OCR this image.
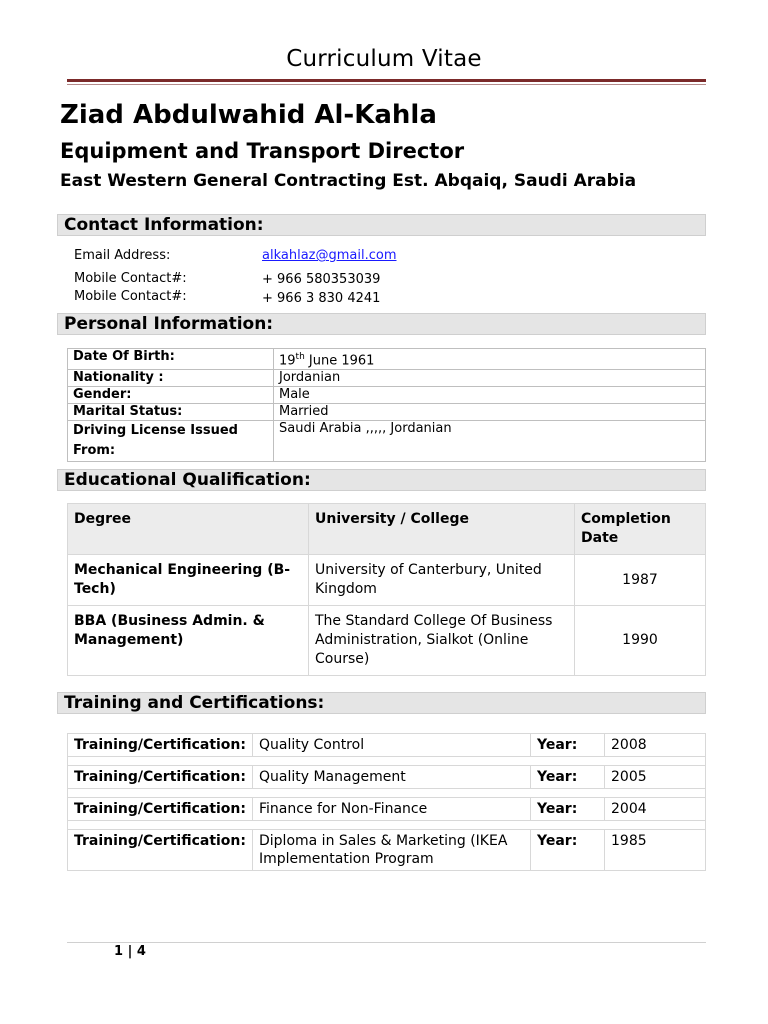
Curriculum Vitae
Ziad Abdulwahid Al-Kahla
Equipment and Transport Director
East Western General Contracting Est. Abqaiq, Saudi Arabia
Contact Information:
Email Address:	alkahlaz@gmail.com
Mobile Contact#:	+ 966 580353039
Mobile Contact#:	+ 966 3 830 4241
Personal Information:
Date Of Birth:	19th June 1961
Nationality :	Jordanian
Gender:	Male
Marital Status:	Married
Driving License Issued From:	Saudi Arabia ,,,,, Jordanian
Educational Qualification:
Degree	University / College	Completion Date
Mechanical Engineering (B-Tech)	University of Canterbury, United Kingdom	1987
BBA (Business Admin. & Management)	The Standard College Of Business Administration, Sialkot (Online Course)	1990
Training and Certifications:
Training/Certification:	Quality Control	Year:	2008

Training/Certification:	Quality Management	Year:	2005

Training/Certification:	Finance for Non-Finance	Year:	2004

Training/Certification:	Diploma in Sales & Marketing (IKEA Implementation Program	Year:	1985
1 | 4
